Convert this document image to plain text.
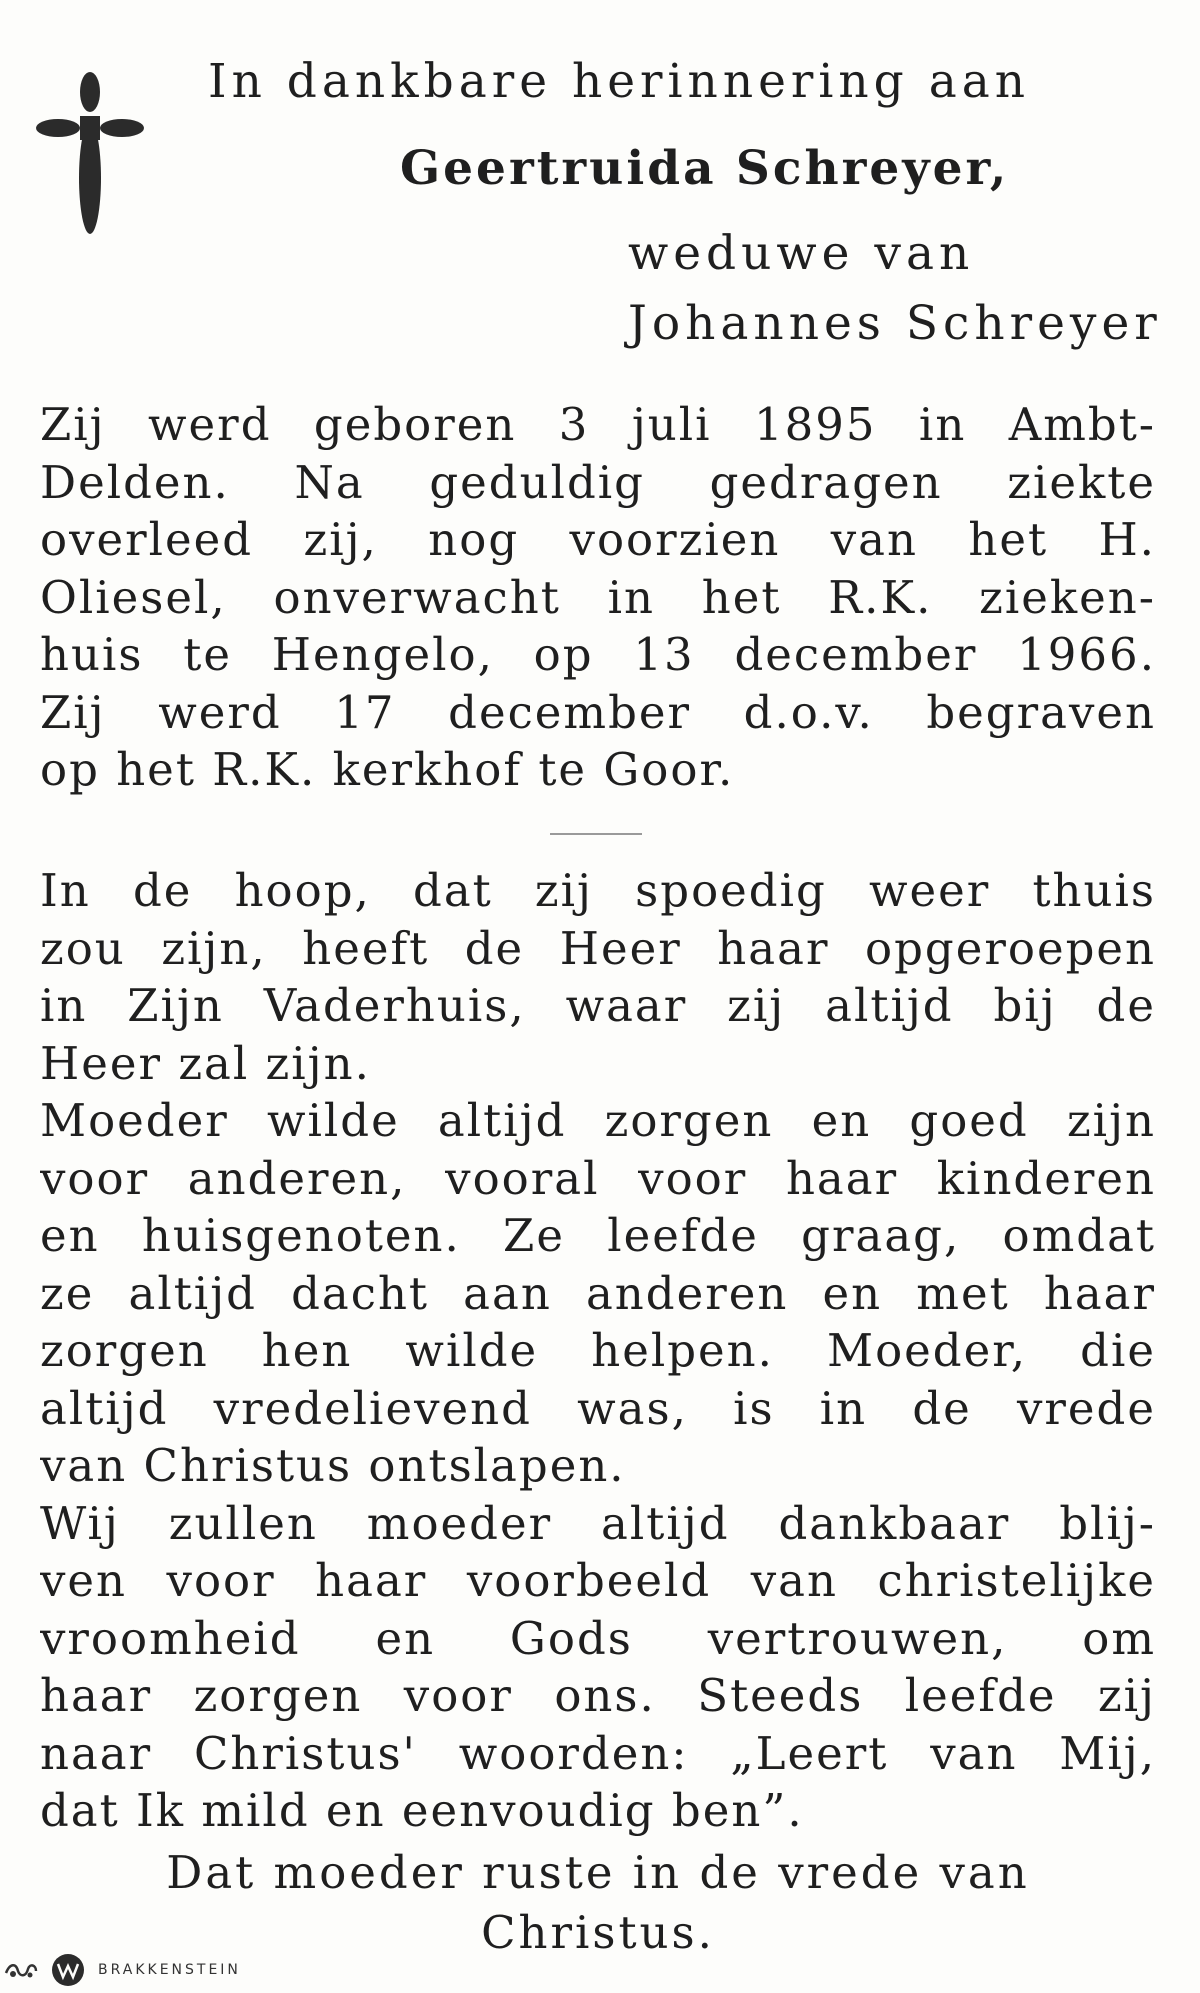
In dankbare herinnering aan
Geertruida Schreyer,
weduwe van
Johannes Schreyer
Zij werd geboren 3 juli 1895 in Ambt-
Delden. Na geduldig gedragen ziekte
overleed zij, nog voorzien van het H.
Oliesel, onverwacht in het R.K. zieken-
huis te Hengelo, op 13 december 1966.
Zij werd 17 december d.o.v. begraven
op het R.K. kerkhof te Goor.
In de hoop, dat zij spoedig weer thuis
zou zijn, heeft de Heer haar opgeroepen
in Zijn Vaderhuis, waar zij altijd bij de
Heer zal zijn.
Moeder wilde altijd zorgen en goed zijn
voor anderen, vooral voor haar kinderen
en huisgenoten. Ze leefde graag, omdat
ze altijd dacht aan anderen en met haar
zorgen hen wilde helpen. Moeder, die
altijd vredelievend was, is in de vrede
van Christus ontslapen.
Wij zullen moeder altijd dankbaar blij-
ven voor haar voorbeeld van christelijke
vroomheid en Gods vertrouwen, om
haar zorgen voor ons. Steeds leefde zij
naar Christus' woorden: „Leert van Mij,
dat Ik mild en eenvoudig ben”.
Dat moeder ruste in de vrede van
Christus.
BRAKKENSTEIN
